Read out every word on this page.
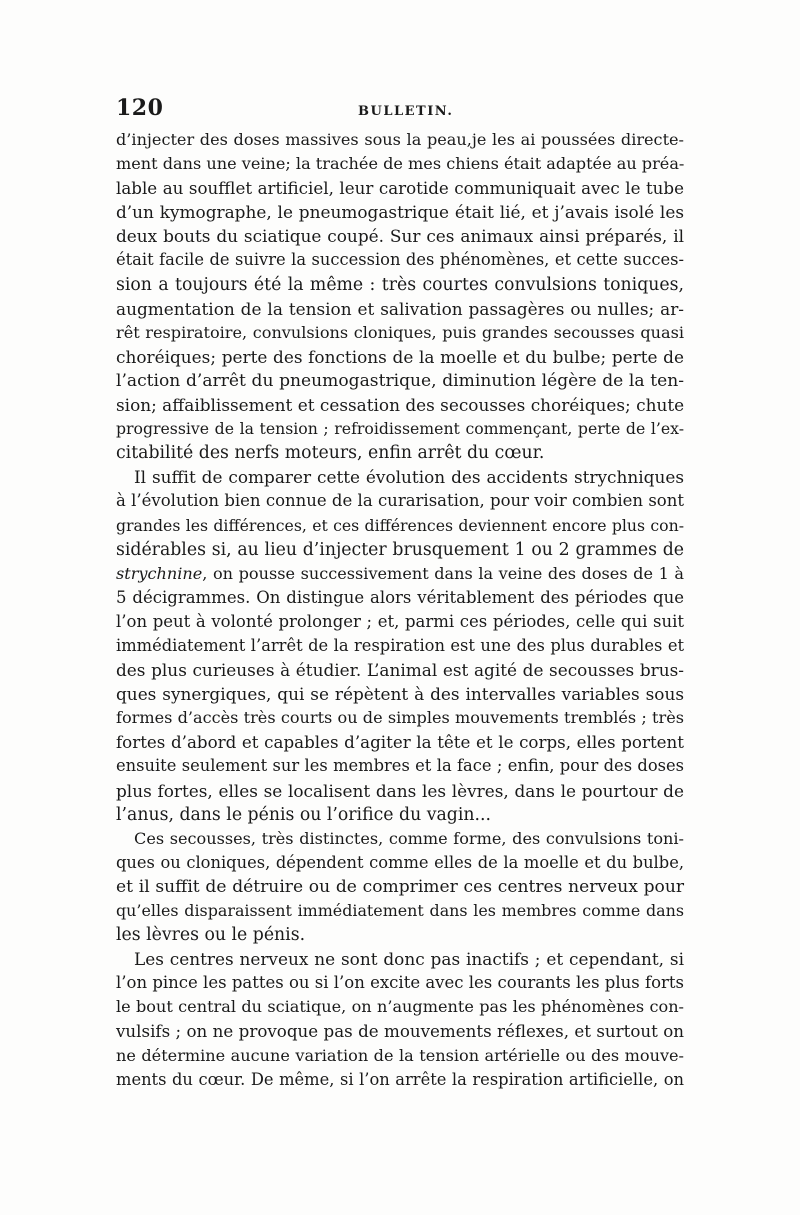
120	BULLETIN.
d’injecter des doses massives sous la peau,je les ai poussées directe-
ment dans une veine; la trachée de mes chiens était adaptée au préa-
lable au soufflet artificiel, leur carotide communiquait avec le tube
d’un kymographe, le pneumogastrique était lié, et j’avais isolé les
deux bouts du sciatique coupé. Sur ces animaux ainsi préparés, il
était facile de suivre la succession des phénomènes, et cette succes-
sion a toujours été la même : très courtes convulsions toniques,
augmentation de la tension et salivation passagères ou nulles; ar-
rêt respiratoire, convulsions cloniques, puis grandes secousses quasi
choréiques; perte des fonctions de la moelle et du bulbe; perte de
l’action d’arrêt du pneumogastrique, diminution légère de la ten-
sion; affaiblissement et cessation des secousses choréiques; chute
progressive de la tension ; refroidissement commençant, perte de l’ex-
citabilité des nerfs moteurs, enfin arrêt du cœur.
Il suffit de comparer cette évolution des accidents strychniques
à l’évolution bien connue de la curarisation, pour voir combien sont
grandes les différences, et ces différences deviennent encore plus con-
sidérables si, au lieu d’injecter brusquement 1 ou 2 grammes de
strychnine, on pousse successivement dans la veine des doses de 1 à
5 décigrammes. On distingue alors véritablement des périodes que
l’on peut à volonté prolonger ; et, parmi ces périodes, celle qui suit
immédiatement l’arrêt de la respiration est une des plus durables et
des plus curieuses à étudier. L’animal est agité de secousses brus-
ques synergiques, qui se répètent à des intervalles variables sous
formes d’accès très courts ou de simples mouvements tremblés ; très
fortes d’abord et capables d’agiter la tête et le corps, elles portent
ensuite seulement sur les membres et la face ; enfin, pour des doses
plus fortes, elles se localisent dans les lèvres, dans le pourtour de
l’anus, dans le pénis ou l’orifice du vagin...
Ces secousses, très distinctes, comme forme, des convulsions toni-
ques ou cloniques, dépendent comme elles de la moelle et du bulbe,
et il suffit de détruire ou de comprimer ces centres nerveux pour
qu’elles disparaissent immédiatement dans les membres comme dans
les lèvres ou le pénis.
Les centres nerveux ne sont donc pas inactifs ; et cependant, si
l’on pince les pattes ou si l’on excite avec les courants les plus forts
le bout central du sciatique, on n’augmente pas les phénomènes con-
vulsifs ; on ne provoque pas de mouvements réflexes, et surtout on
ne détermine aucune variation de la tension artérielle ou des mouve-
ments du cœur. De même, si l’on arrête la respiration artificielle, on
